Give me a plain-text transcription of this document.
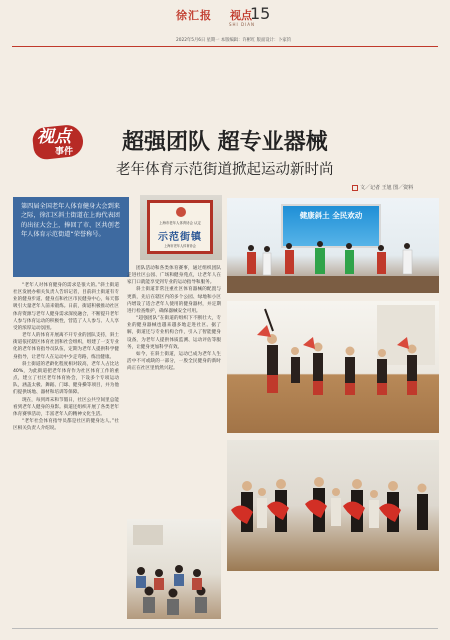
徐汇报 视点
SHI DIAN
15
2022年5月6日 星期一 本版编辑：许彬红 版面设计：卜家钧
视点
事件 超强团队 超专业器械
老年体育示范街道掀起运动新时尚
文／记者 王旭 图／资料
第四届全国老年人体育健身大会到来之际，徐汇区斜土街道在上海代表团的出征大会上，捧回了市、区共创老年人体育示范街道“荣誉称号。
上海市老年人体育协会 认定
示范街镇
上海市老年人体育协会
健康斜土 全民欢动

“老年人对体育健身的需求是很大的。”斜土街道社区发展办相关负责人告诉记者，目前斜土街道有专业的健身步道、健身点和社区市民健身中心，每天都吸引大量老年人前来锻炼。日前，街道积极推动社区体育资源与老年人健身需求深度融合，不断提升老年人参与体育运动的积极性，营造了人人参与、人人享受的浓厚运动氛围。

老年人的体育开展离不开专业的团队支持，斜土街道依托辖区体育社团和社会组织，组建了一支专业化的老年体育指导员队伍，定期为老年人提供科学健身指导，让老年人在运动中少走弯路，练出健康。

斜土街道的老龄化程度相对较高，老年人占比达40%，为此街道把老年体育作为社区体育工作的重点，建立了社区老年体育协会，下设多个专项运动队，涵盖太极、舞蹈、门球、健身操等项目，并为他们提供场地、器材和培训等保障。

现在，每到周末和节假日，社区公共空间里总能看到老年人健身的身影。街道还组织开展了各类老年体育赛事活动，丰富老年人的精神文化生活。

“老年社会体育指导员都是社区的健身达人。”社区相关负责人介绍说。

团队活动和各类体育赛事，通过组织团队走进社区公园、广场和健身苑点，让老年人在家门口就能享受到专业的运动指导和服务。

斜土街道非常注重社区体育器械的配置与更新，先后在辖区内的多个公园、绿地和小区内增设了适合老年人使用的健身器材，并定期进行检查维护，确保器械安全可用。

“超强团队”在街道的组织下不断壮大，专业的健身器械也越来越多地走进社区。据了解，街道还与专业机构合作，引入了智能健身设备，为老年人提供体质监测、运动评估等服务，让健身更加科学有效。

如今，在斜土街道，运动已成为老年人生活中不可或缺的一部分，一股全民健身的新时尚正在社区里悄然兴起。
